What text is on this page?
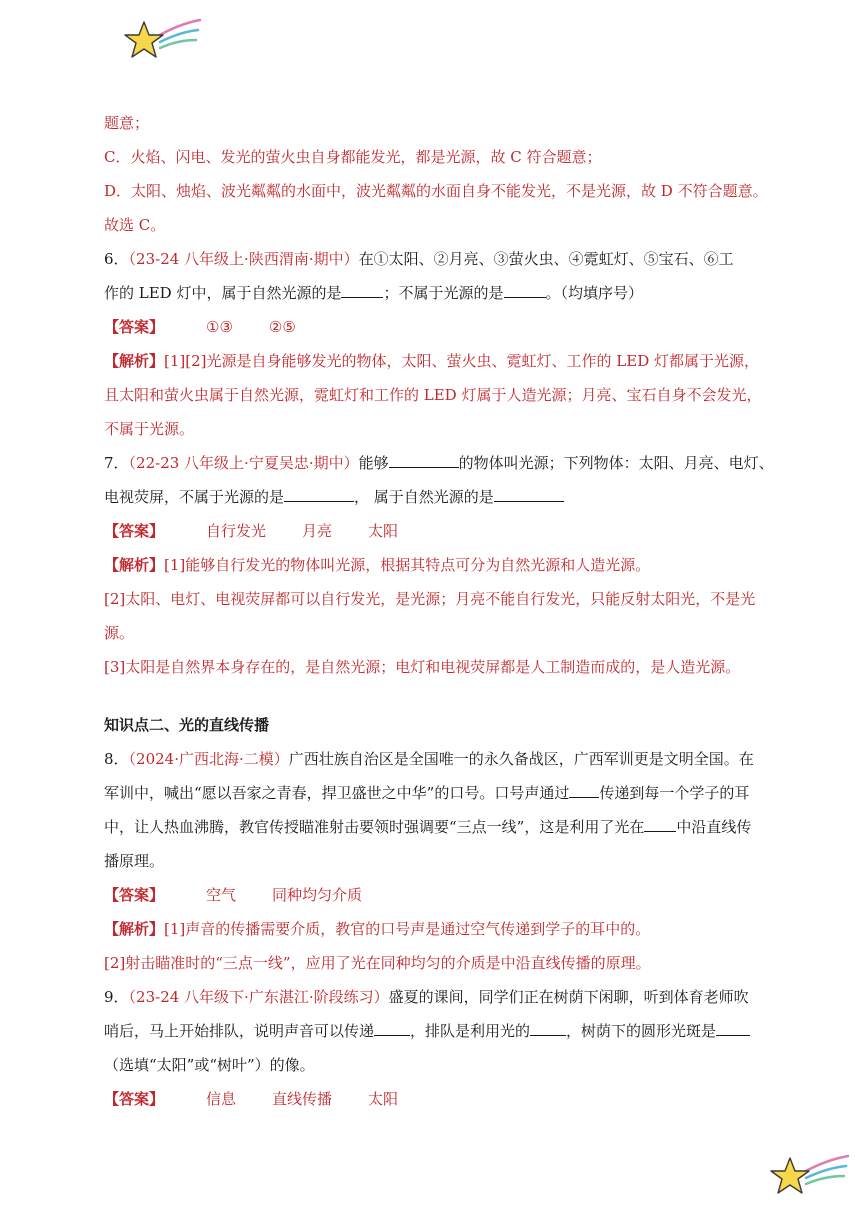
题意；
C．火焰、闪电、发光的萤火虫自身都能发光，都是光源，故 C 符合题意；
D．太阳、烛焰、波光粼粼的水面中，波光粼粼的水面自身不能发光，不是光源，故 D 不符合题意。
故选 C。
6．（23-24 八年级上·陕西渭南·期中）在①太阳、②月亮、③萤火虫、④霓虹灯、⑤宝石、⑥工
作的 LED 灯中，属于自然光源的是	；不属于光源的是	。（均填序号）
【答案】	①③ ②⑤
【解析】[1][2]光源是自身能够发光的物体，太阳、萤火虫、霓虹灯、工作的 LED 灯都属于光源，
且太阳和萤火虫属于自然光源，霓虹灯和工作的 LED 灯属于人造光源；月亮、宝石自身不会发光，
不属于光源。
7．（22-23 八年级上·宁夏吴忠·期中）能够	的物体叫光源；下列物体：太阳、月亮、电灯、
电视荧屏，不属于光源的是	， 属于自然光源的是
【答案】	自行发光 月亮 太阳
【解析】[1]能够自行发光的物体叫光源，根据其特点可分为自然光源和人造光源。
[2]太阳、电灯、电视荧屏都可以自行发光，是光源；月亮不能自行发光，只能反射太阳光，不是光
源。
[3]太阳是自然界本身存在的，是自然光源；电灯和电视荧屏都是人工制造而成的，是人造光源。
知识点二、光的直线传播
8．（2024·广西北海·二模）广西壮族自治区是全国唯一的永久备战区，广西军训更是文明全国。在
军训中，喊出“愿以吾家之青春，捍卫盛世之中华”的口号。口号声通过 传递到每一个学子的耳
中，让人热血沸腾，教官传授瞄准射击要领时强调要“三点一线”，这是利用了光在 中沿直线传
播原理。
【答案】	空气 同种均匀介质
【解析】[1]声音的传播需要介质，教官的口号声是通过空气传递到学子的耳中的。
[2]射击瞄准时的“三点一线”，应用了光在同种均匀的介质是中沿直线传播的原理。
9．（23-24 八年级下·广东湛江·阶段练习）盛夏的课间，同学们正在树荫下闲聊，听到体育老师吹
哨后，马上开始排队，说明声音可以传递 ，排队是利用光的 ，树荫下的圆形光斑是
（选填“太阳”或“树叶”）的像。
【答案】	信息 直线传播 太阳
